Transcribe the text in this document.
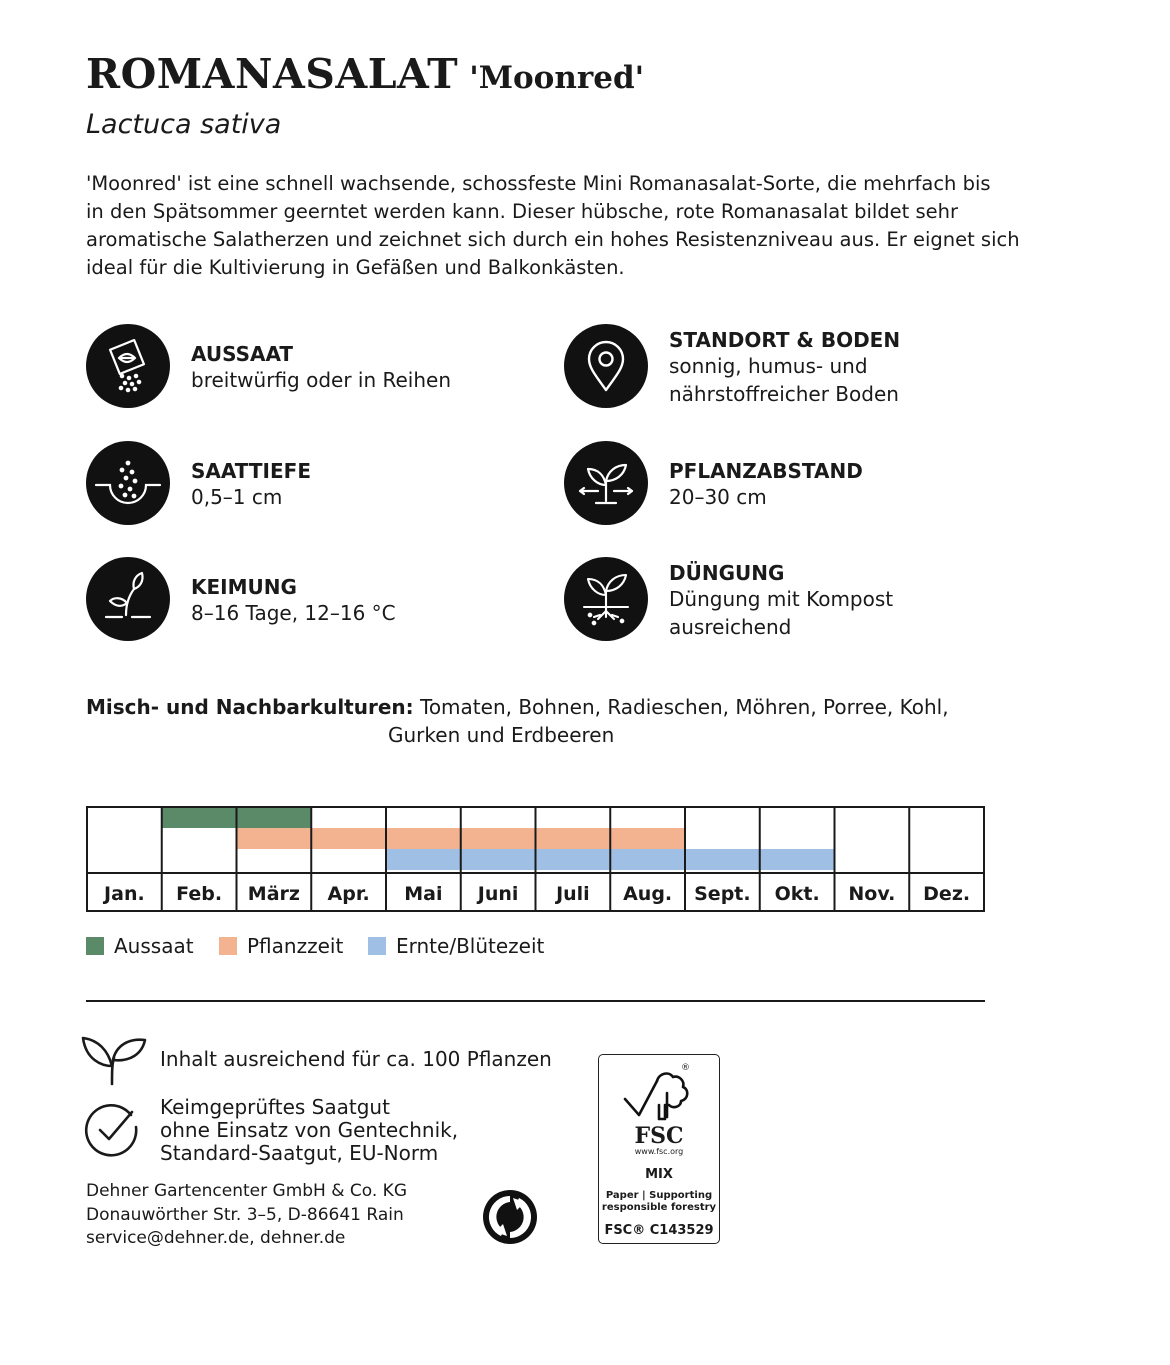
ROMANASALAT 'Moonred'
Lactuca sativa
'Moonred' ist eine schnell wachsende, schossfeste Mini Romanasalat-Sorte, die mehrfach bis
in den Spätsommer geerntet werden kann. Dieser hübsche, rote Romanasalat bildet sehr
aromatische Salatherzen und zeichnet sich durch ein hohes Resistenzniveau aus. Er eignet sich
ideal für die Kultivierung in Gefäßen und Balkonkästen.
AUSSAAT
breitwürfig oder in Reihen
STANDORT & BODEN
sonnig, humus- und
nährstoffreicher Boden
SAATTIEFE
0,5–1 cm
PFLANZABSTAND
20–30 cm
KEIMUNG
8–16 Tage, 12–16 °C
DÜNGUNG
Düngung mit Kompost
ausreichend
Misch- und Nachbarkulturen: Tomaten, Bohnen, Radieschen, Möhren, Porree, Kohl,
Gurken und Erdbeeren
Jan. Feb. März Apr. Mai Juni Juli Aug. Sept. Okt. Nov. Dez.
Aussaat	Pflanzzeit	Ernte/Blütezeit
Inhalt ausreichend für ca. 100 Pflanzen
Keimgeprüftes Saatgut
ohne Einsatz von Gentechnik,
Standard-Saatgut, EU-Norm
Dehner Gartencenter GmbH & Co. KG
Donauwörther Str. 3–5, D-86641 Rain
service@dehner.de, dehner.de
®
FSC
www.fsc.org
MIX
Paper | Supporting
responsible forestry
FSC® C143529
